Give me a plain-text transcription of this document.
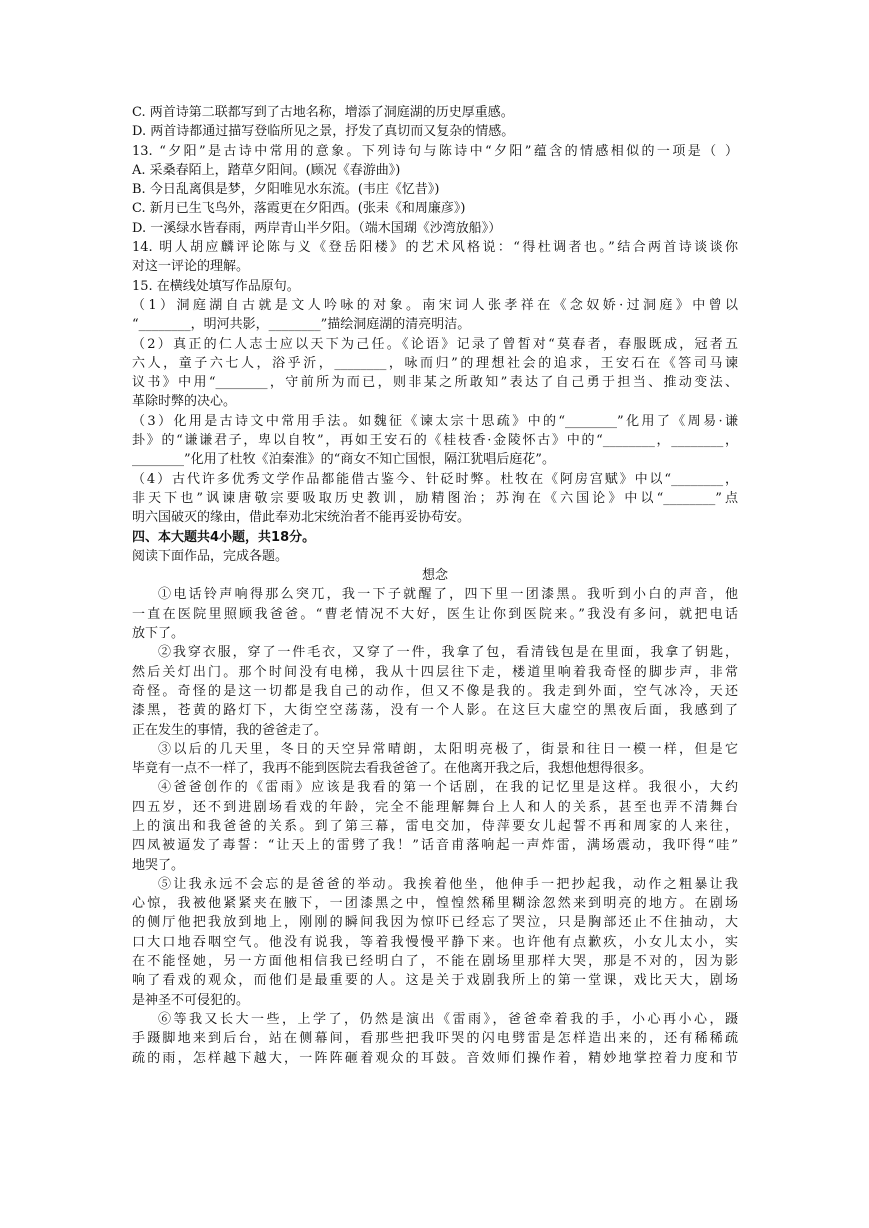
C. 两首诗第二联都写到了古地名称，增添了洞庭湖的历史厚重感。
D. 两首诗都通过描写登临所见之景，抒发了真切而又复杂的情感。
13. “夕阳”是古诗中常用的意象。下列诗句与陈诗中“夕阳”蕴含的情感相似的一项是（ ）
A. 采桑春陌上，踏草夕阳间。(顾况《春游曲》)
B. 今日乱离俱是梦，夕阳唯见水东流。(韦庄《忆昔》)
C. 新月已生飞鸟外，落霞更在夕阳西。(张耒《和周廉彦》)
D. 一溪绿水皆春雨，两岸青山半夕阳。（端木国瑚《沙湾放船》）
14. 明人胡应麟评论陈与义《登岳阳楼》的艺术风格说：“得杜调者也。”结合两首诗谈谈你
对这一评论的理解。
15. 在横线处填写作品原句。
（1）洞庭湖自古就是文人吟咏的对象。南宋词人张孝祥在《念奴娇·过洞庭》中曾以
“________，明河共影，________”描绘洞庭湖的清亮明洁。
（2）真正的仁人志士应以天下为己任。《论语》记录了曾皙对“莫春者，春服既成，冠者五
六人，童子六七人，浴乎沂，________，咏而归”的理想社会的追求，王安石在《答司马谏
议书》中用“________，守前所为而已，则非某之所敢知”表达了自己勇于担当、推动变法、
革除时弊的决心。
（3）化用是古诗文中常用手法。如魏征《谏太宗十思疏》中的“________”化用了《周易·谦
卦》的“谦谦君子，卑以自牧”，再如王安石的《桂枝香·金陵怀古》中的“________，________，
________”化用了杜牧《泊秦淮》的“商女不知亡国恨，隔江犹唱后庭花”。
（4）古代许多优秀文学作品都能借古鉴今、针砭时弊。杜牧在《阿房宫赋》中以“________，
非天下也”讽谏唐敬宗要吸取历史教训，励精图治；苏洵在《六国论》中以“________”点
明六国破灭的缘由，借此奉劝北宋统治者不能再妥协苟安。
四、本大题共4小题，共18分。
阅读下面作品，完成各题。
想念
①电话铃声响得那么突兀，我一下子就醒了，四下里一团漆黑。我听到小白的声音，他
一直在医院里照顾我爸爸。“曹老情况不大好，医生让你到医院来。”我没有多问，就把电话
放下了。
②我穿衣服，穿了一件毛衣，又穿了一件，我拿了包，看清钱包是在里面，我拿了钥匙，
然后关灯出门。那个时间没有电梯，我从十四层往下走，楼道里响着我奇怪的脚步声，非常
奇怪。奇怪的是这一切都是我自己的动作，但又不像是我的。我走到外面，空气冰冷，天还
漆黑，苍黄的路灯下，大街空空荡荡，没有一个人影。在这巨大虚空的黑夜后面，我感到了
正在发生的事情，我的爸爸走了。
③以后的几天里，冬日的天空异常晴朗，太阳明亮极了，街景和往日一模一样，但是它
毕竟有一点不一样了，我再不能到医院去看我爸爸了。在他离开我之后，我想他想得很多。
④爸爸创作的《雷雨》应该是我看的第一个话剧，在我的记忆里是这样。我很小，大约
四五岁，还不到进剧场看戏的年龄，完全不能理解舞台上人和人的关系，甚至也弄不清舞台
上的演出和我爸爸的关系。到了第三幕，雷电交加，侍萍要女儿起誓不再和周家的人来往，
四凤被逼发了毒誓：“让天上的雷劈了我！”话音甫落响起一声炸雷，满场震动，我吓得“哇”
地哭了。
⑤让我永远不会忘的是爸爸的举动。我挨着他坐，他伸手一把抄起我，动作之粗暴让我
心惊，我被他紧紧夹在腋下，一团漆黑之中，惶惶然稀里糊涂忽然来到明亮的地方。在剧场
的侧厅他把我放到地上，刚刚的瞬间我因为惊吓已经忘了哭泣，只是胸部还止不住抽动，大
口大口地吞咽空气。他没有说我，等着我慢慢平静下来。也许他有点歉疚，小女儿太小，实
在不能怪她，另一方面他相信我已经明白了，不能在剧场里那样大哭，那是不对的，因为影
响了看戏的观众，而他们是最重要的人。这是关于戏剧我所上的第一堂课，戏比天大，剧场
是神圣不可侵犯的。
⑥等我又长大一些，上学了，仍然是演出《雷雨》，爸爸牵着我的手，小心再小心，蹑
手蹑脚地来到后台，站在侧幕间，看那些把我吓哭的闪电劈雷是怎样造出来的，还有稀稀疏
疏的雨，怎样越下越大，一阵阵砸着观众的耳鼓。音效师们操作着，精妙地掌控着力度和节
